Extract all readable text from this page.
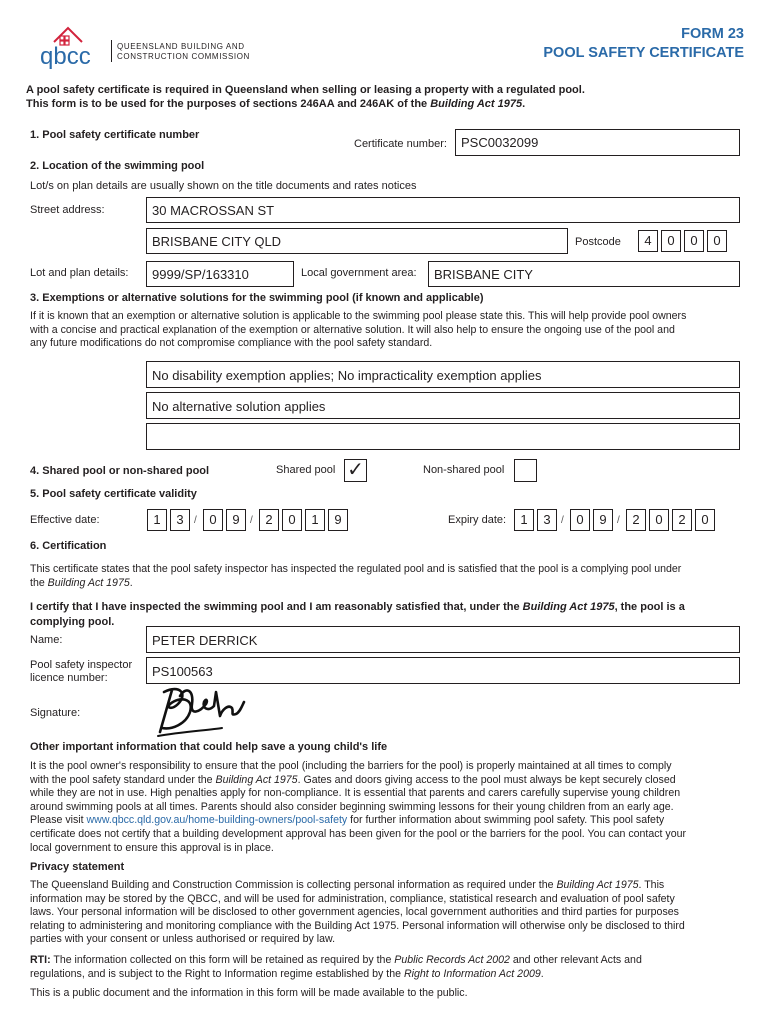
qbcc	QUEENSLAND BUILDING AND
CONSTRUCTION COMMISSION
FORM 23
POOL SAFETY CERTIFICATE
A pool safety certificate is required in Queensland when selling or leasing a property with a regulated pool.
This form is to be used for the purposes of sections 246AA and 246AK of the Building Act 1975.
1. Pool safety certificate number
Certificate number: PSC0032099
2. Location of the swimming pool
Lot/s on plan details are usually shown on the title documents and rates notices
Street address:	30 MACROSSAN ST
BRISBANE CITY QLD	Postcode	4	0	0	0
Lot and plan details: 9999/SP/163310	Local government area: BRISBANE CITY
3. Exemptions or alternative solutions for the swimming pool (if known and applicable)
If it is known that an exemption or alternative solution is applicable to the swimming pool please state this. This will help provide pool owners
with a concise and practical explanation of the exemption or alternative solution. It will also help to ensure the ongoing use of the pool and
any future modifications do not compromise compliance with the pool safety standard.
No disability exemption applies; No impracticality exemption applies
No alternative solution applies
4. Shared pool or non-shared pool	Shared pool ✓	Non-shared pool
5. Pool safety certificate validity
Effective date:	1	3	/ 0	9	/ 2	0	1	9	Expiry date:	1	3	/ 0	9	/ 2	0	2	0
6. Certification
This certificate states that the pool safety inspector has inspected the regulated pool and is satisfied that the pool is a complying pool under
the Building Act 1975.
I certify that I have inspected the swimming pool and I am reasonably satisfied that, under the Building Act 1975, the pool is a
complying pool.
Name:	PETER DERRICK
Pool safety inspector
licence number:	PS100563
Signature:
Other important information that could help save a young child's life
It is the pool owner's responsibility to ensure that the pool (including the barriers for the pool) is properly maintained at all times to comply
with the pool safety standard under the Building Act 1975. Gates and doors giving access to the pool must always be kept securely closed
while they are not in use. High penalties apply for non-compliance. It is essential that parents and carers carefully supervise young children
around swimming pools at all times. Parents should also consider beginning swimming lessons for their young children from an early age.
Please visit www.qbcc.qld.gov.au/home-building-owners/pool-safety for further information about swimming pool safety. This pool safety
certificate does not certify that a building development approval has been given for the pool or the barriers for the pool. You can contact your
local government to ensure this approval is in place.
Privacy statement
The Queensland Building and Construction Commission is collecting personal information as required under the Building Act 1975. This
information may be stored by the QBCC, and will be used for administration, compliance, statistical research and evaluation of pool safety
laws. Your personal information will be disclosed to other government agencies, local government authorities and third parties for purposes
relating to administering and monitoring compliance with the Building Act 1975. Personal information will otherwise only be disclosed to third
parties with your consent or unless authorised or required by law.
RTI: The information collected on this form will be retained as required by the Public Records Act 2002 and other relevant Acts and
regulations, and is subject to the Right to Information regime established by the Right to Information Act 2009.
This is a public document and the information in this form will be made available to the public.
